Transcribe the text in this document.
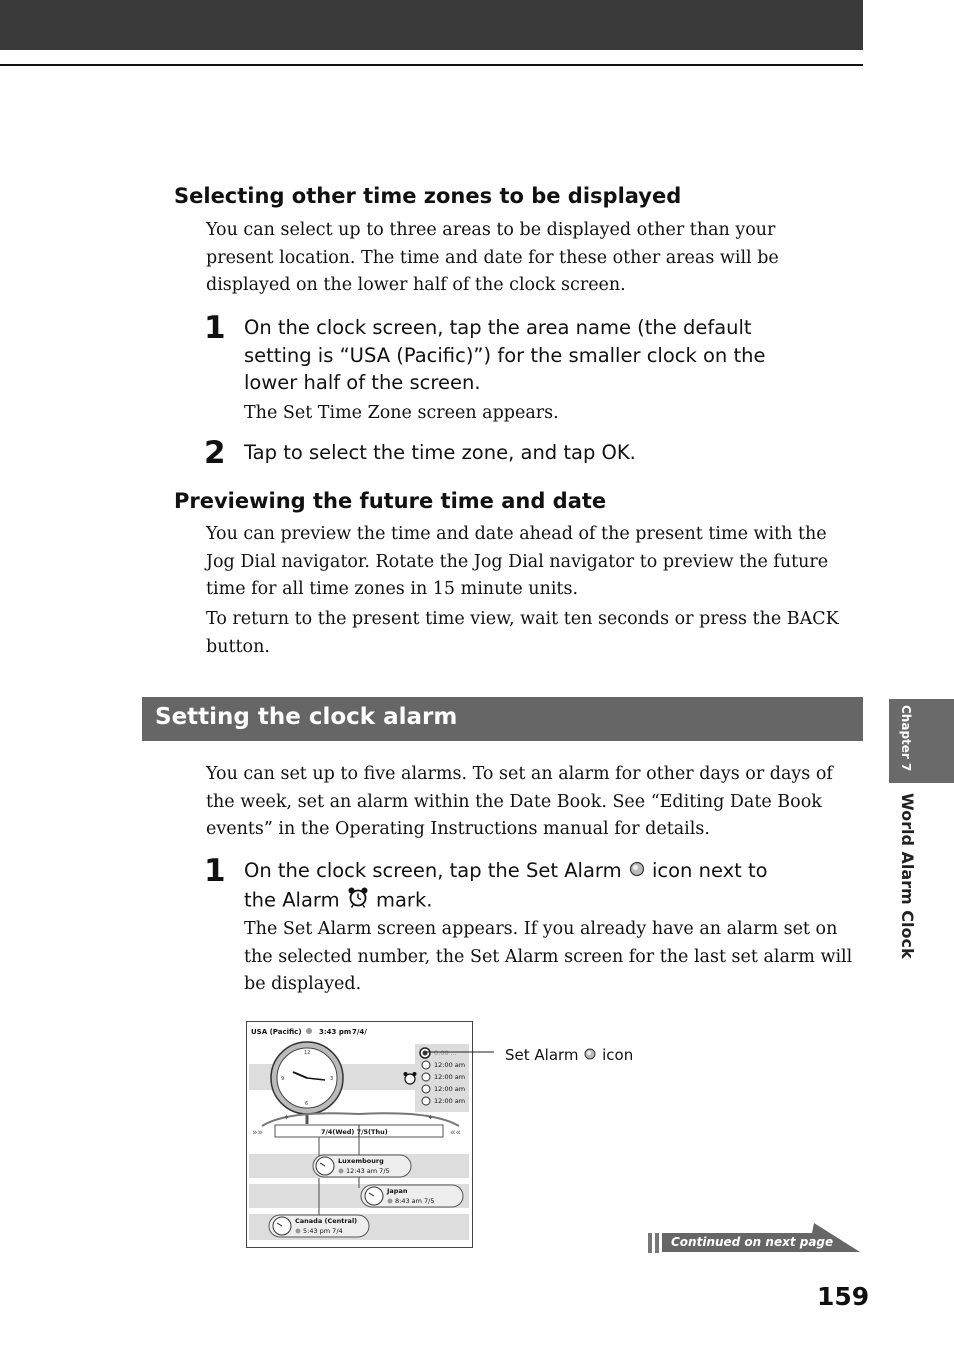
Selecting other time zones to be displayed
You can select up to three areas to be displayed other than your
present location. The time and date for these other areas will be
displayed on the lower half of the clock screen.
1 On the clock screen, tap the area name (the default
setting is “USA (Pacific)”) for the smaller clock on the
lower half of the screen.
The Set Time Zone screen appears.
2 Tap to select the time zone, and tap OK.
Previewing the future time and date
You can preview the time and date ahead of the present time with the
Jog Dial navigator. Rotate the Jog Dial navigator to preview the future
time for all time zones in 15 minute units.
To return to the present time view, wait ten seconds or press the BACK
button.
Setting the clock alarm	Chapter 7
World Alarm Clock
You can set up to five alarms. To set an alarm for other days or days of
the week, set an alarm within the Date Book. See “Editing Date Book
events” in the Operating Instructions manual for details.
1 On the clock screen, tap the Set Alarm icon next to
the Alarm mark.
The Set Alarm screen appears. If you already have an alarm set on
the selected number, the Set Alarm screen for the last set alarm will
be displayed.
USA (Pacific) 3:43 pm 7/4/
12
9	3
6
0:00 ...
12:00 am
12:00 am
12:00 am
12:00 am
✦	✦
»»	««
7/4(Wed) 7/5(Thu)
Luxembourg
12:43 am 7/5
Japan
8:43 am 7/5
Canada (Central)
5:43 pm 7/4
Set Alarm icon
Continued on next page
159
